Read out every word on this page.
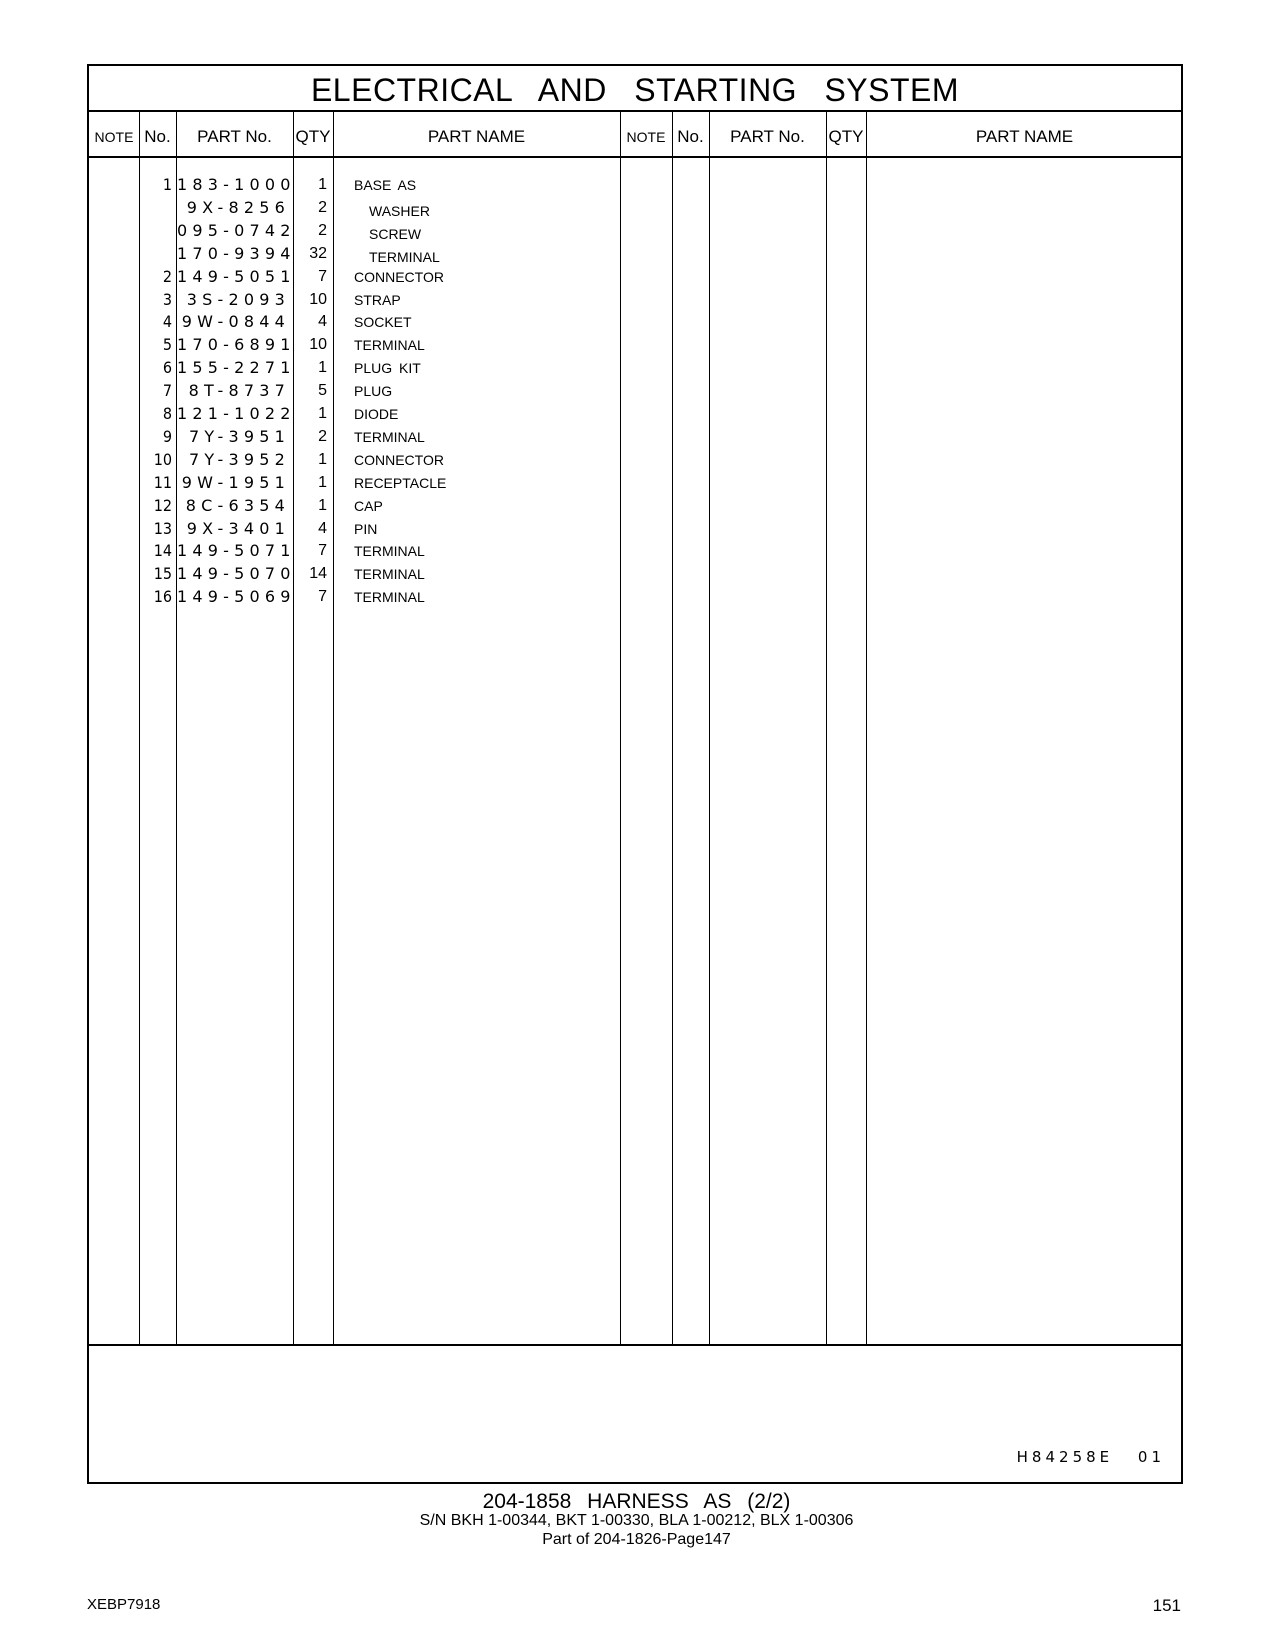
ELECTRICAL AND STARTING SYSTEM
NOTE No.	PART No.	QTY	PART NAME	NOTE No.	PART No.	QTY	PART NAME
1 183-1000	1 BASE AS
9X-8256	2	WASHER
095-0742	2	SCREW
170-9394 32	TERMINAL
2 149-5051	7 CONNECTOR
3 3S-2093	10 STRAP
4 9W-0844	4 SOCKET
5 170-6891 10 TERMINAL
6 155-2271	1 PLUG KIT
7	8T-8737	5 PLUG
8 121-1022	1 DIODE
9	7Y-3951	2 TERMINAL
10	7Y-3952	1 CONNECTOR
11 9W-1951	1 RECEPTACLE
12 8C-6354	1 CAP
13 9X-3401	4 PIN
14 149-5071	7 TERMINAL
15 149-5070 14 TERMINAL
16 149-5069	7 TERMINAL
H84258E 01
204-1858 HARNESS AS (2/2)
S/N BKH 1-00344, BKT 1-00330, BLA 1-00212, BLX 1-00306
Part of 204-1826-Page147
XEBP7918	151
